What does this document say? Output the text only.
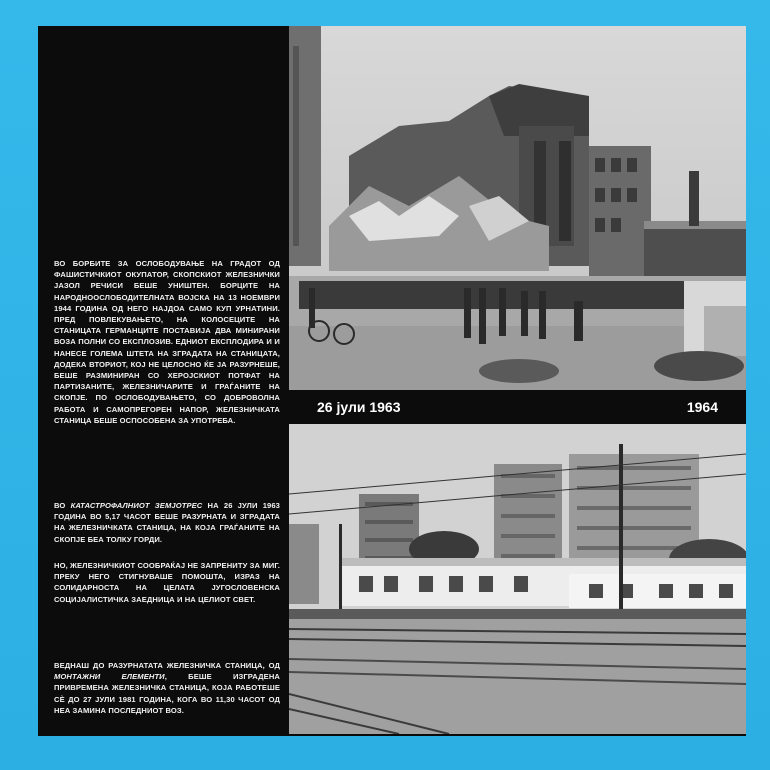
ВО БОРБИТЕ ЗА ОСЛОБОДУВАЊЕ НА ГРАДОТ ОД ФАШИСТИЧКИОТ ОКУПАТОР, СКОПСКИОТ ЖЕЛЕЗНИЧКИ ЈАЗОЛ РЕЧИСИ БЕШЕ УНИШТЕН. БОРЦИТЕ НА НАРОДНООСЛОБОДИТЕЛНАТА ВОЈСКА НА 13 НОЕМВРИ 1944 ГОДИНА ОД НЕГО НАЈДОА САМО КУП УРНАТИНИ. ПРЕД ПОВЛЕКУВАЊЕТО, НА КОЛОСЕЦИТЕ НА СТАНИЦАТА ГЕРМАНЦИТЕ ПОСТАВИЈА ДВА МИНИРАНИ ВОЗА ПОЛНИ СО ЕКСПЛОЗИВ. ЕДНИОТ ЕКСПЛОДИРА И И НАНЕСЕ ГОЛЕМА ШТЕТА НА ЗГРАДАТА НА СТАНИЦАТА, ДОДЕКА ВТОРИОТ, КОЈ НЕ ЦЕЛОСНО ЌЕ ЈА РАЗУРНЕШЕ, БЕШЕ РАЗМИНИРАН СО ХЕРОЈСКИОТ ПОТФАТ НА ПАРТИЗАНИТЕ, ЖЕЛЕЗНИЧАРИТЕ И ГРАЃАНИТЕ НА СКОПЈЕ. ПО ОСЛОБОДУВАЊЕТО, СО ДОБРОВОЛНА РАБОТА И САМОПРЕГОРЕН НАПОР, ЖЕЛЕЗНИЧКАТА СТАНИЦА БЕШЕ ОСПОСОБЕНА ЗА УПОТРЕБА.
ВО КАТАСТРОФАЛНИОТ ЗЕМЈОТРЕС НА 26 ЈУЛИ 1963 ГОДИНА ВО 5,17 ЧАСОТ БЕШЕ РАЗУРНАТА И ЗГРАДАТА НА ЖЕЛЕЗНИЧКАТА СТАНИЦА, НА КОЈА ГРАЃАНИТЕ НА СКОПЈЕ БЕА ТОЛКУ ГОРДИ.
НО, ЖЕЛЕЗНИЧКИОТ СООБРАЌАЈ НЕ ЗАПРЕНИТУ ЗА МИГ. ПРЕКУ НЕГО СТИГНУВАШЕ ПОМОШТА, ИЗРАЗ НА СОЛИДАРНОСТА НА ЦЕЛАТА ЈУГОСЛОВЕНСКА СОЦИЈАЛИСТИЧКА ЗАЕДНИЦА И НА ЦЕЛИОТ СВЕТ.
ВЕДНАШ ДО РАЗУРНАТАТА ЖЕЛЕЗНИЧКА СТАНИЦА, ОД МОНТАЖНИ ЕЛЕМЕНТИ, БЕШЕ ИЗГРАДЕНА ПРИВРЕМЕНА ЖЕЛЕЗНИЧКА СТАНИЦА, КОЈА РАБОТЕШЕ СÈ ДО 27 ЈУЛИ 1981 ГОДИНА, КОГА ВО 11,30 ЧАСОТ ОД НЕА ЗАМИНА ПОСЛЕДНИОТ ВОЗ.
26 јули 1963	1964
